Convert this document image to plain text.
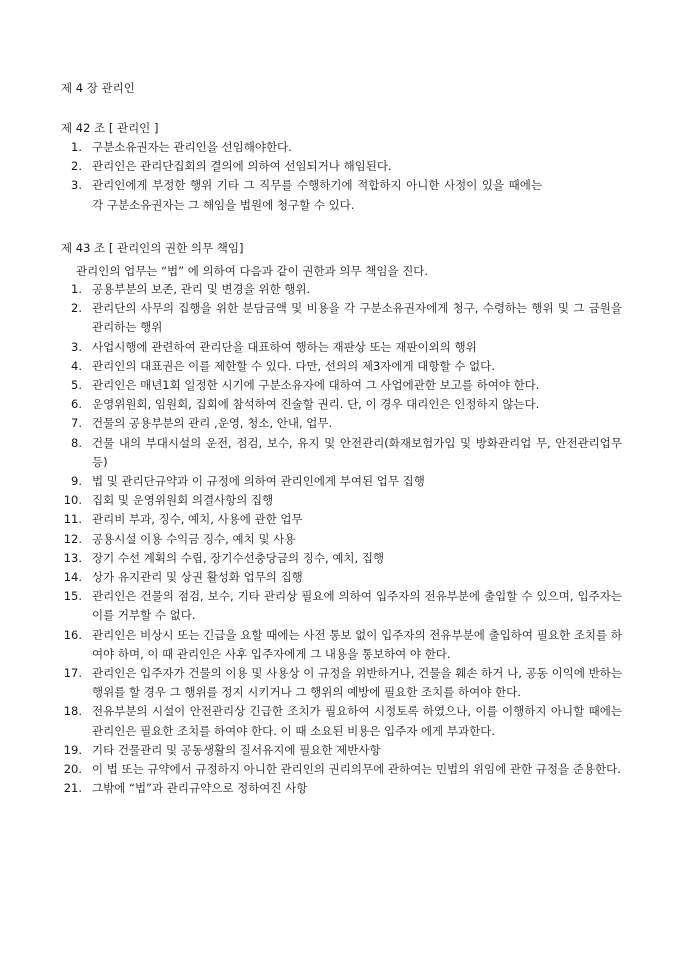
제 4 장 관리인
제 42 조 [ 관리인 ]
1. 구분소유권자는 관리인을 선임해야한다.
2. 관리인은 관리단집회의 결의에 의하여 선임되거나 해임된다.
3. 관리인에게 부정한 행위 기타 그 직무를 수행하기에 적합하지 아니한 사정이 있을 때에는 각 구분소유권자는 그 해임을 법원에 청구할 수 있다.
제 43 조 [ 관리인의 권한 의무 책임]

관리인의 업무는 “법” 에 의하여 다음과 같이 권한과 의무 책임을 진다.

1. 공용부분의 보존, 관리 및 변경을 위한 행위.
2. 관리단의 사무의 집행을 위한 분담금액 및 비용을 각 구분소유권자에게 청구, 수령하는 행위 및 그 금원을 관리하는 행위
3. 사업시행에 관련하여 관리단을 대표하여 행하는 재판상 또는 재판이외의 행위
4. 관리인의 대표권은 이를 제한할 수 있다. 다만, 선의의 제3자에게 대항할 수 없다.
5. 관리인은 매년1회 일정한 시기에 구분소유자에 대하여 그 사업에관한 보고를 하여야 한다.
6. 운영위원회, 임원회, 집회에 참석하여 진술할 권리. 단, 이 경우 대리인은 인정하지 않는다.
7. 건물의 공용부분의 관리 ,운영, 청소, 안내, 업무.
8. 건물 내의 부대시설의 운전, 점검, 보수, 유지 및 안전관리(화재보험가입 및 방화관리업 무, 안전관리업무등)
9. 법 및 관리단규약과 이 규정에 의하여 관리인에게 부여된 업무 집행
10. 집회 및 운영위원회 의결사항의 집행
11. 관리비 부과, 징수, 예치, 사용에 관한 업무
12. 공용시설 이용 수익금 징수, 예치 및 사용
13. 장기 수선 계획의 수립, 장기수선충당금의 징수, 예치, 집행
14. 상가 유지관리 및 상권 활성화 업무의 집행
15. 관리인은 건물의 점검, 보수, 기타 관리상 필요에 의하여 입주자의 전유부분에 출입할 수 있으며, 입주자는 이를 거부할 수 없다.
16. 관리인은 비상시 또는 긴급을 요할 때에는 사전 통보 없이 입주자의 전유부분에 출입하여 필요한 조치를 하여야 하며, 이 때 관리인은 사후 입주자에게 그 내용을 통보하여 야 한다.
17. 관리인은 입주자가 건물의 이용 및 사용상 이 규정을 위반하거나, 건물을 훼손 하거 나, 공동 이익에 반하는 행위를 할 경우 그 행위를 정지 시키거나 그 행위의 예방에 필요한 조치를 하여야 한다.
18. 전유부분의 시설이 안전관리상 긴급한 조치가 필요하여 시정토록 하였으나, 이를 이행하지 아니할 때에는 관리인은 필요한 조치를 하여야 한다. 이 때 소요된 비용은 입주자 에게 부과한다.
19. 기타 건물관리 및 공동생활의 질서유지에 필요한 제반사항
20. 이 법 또는 규약에서 규정하지 아니한 관리인의 권리의무에 관하여는 민법의 위임에 관한 규정을 준용한다.
21. 그밖에 “법”과 관리규약으로 정하여진 사항
